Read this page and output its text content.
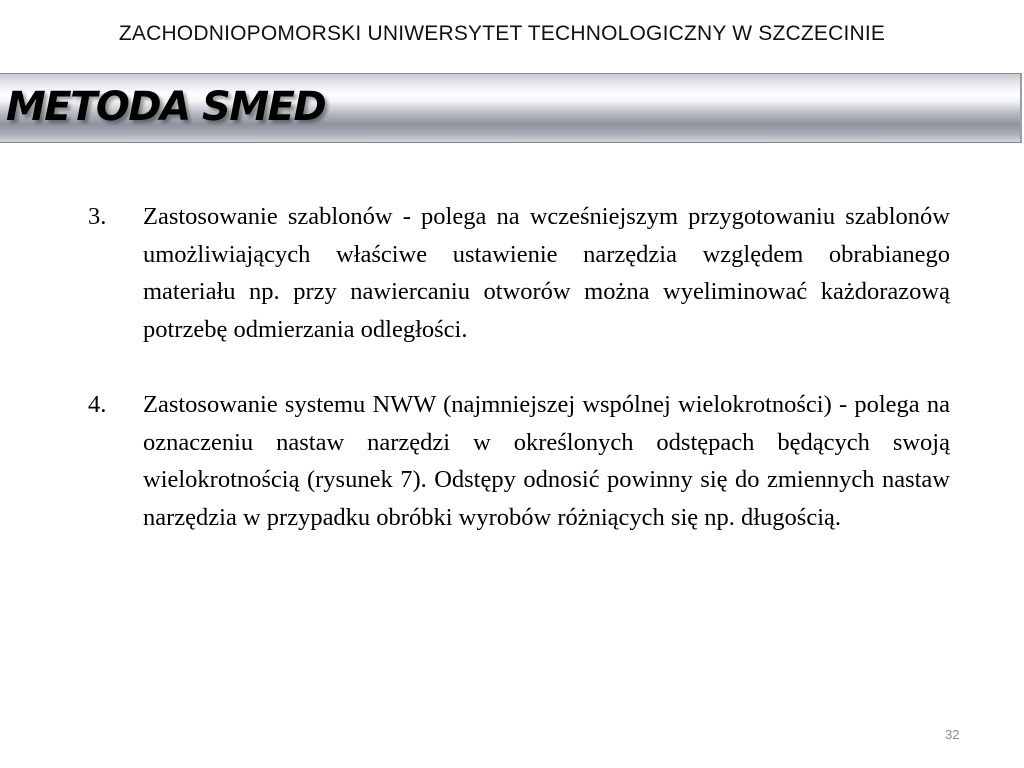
ZACHODNIOPOMORSKI UNIWERSYTET TECHNOLOGICZNY W SZCZECINIE
METODA SMED
3.	Zastosowanie szablonów - polega na wcześniejszym przygotowaniu szablonów umożliwiających właściwe ustawienie narzędzia względem obrabianego materiału np. przy nawiercaniu otworów można wyeliminować każdorazową potrzebę odmierzania odległości.
4.	Zastosowanie systemu NWW (najmniejszej wspólnej wielokrotności) - polega na oznaczeniu nastaw narzędzi w określonych odstępach będących swoją wielokrotnością (rysunek 7). Odstępy odnosić powinny się do zmiennych nastaw narzędzia w przypadku obróbki wyrobów różniących się np. długością.
32
